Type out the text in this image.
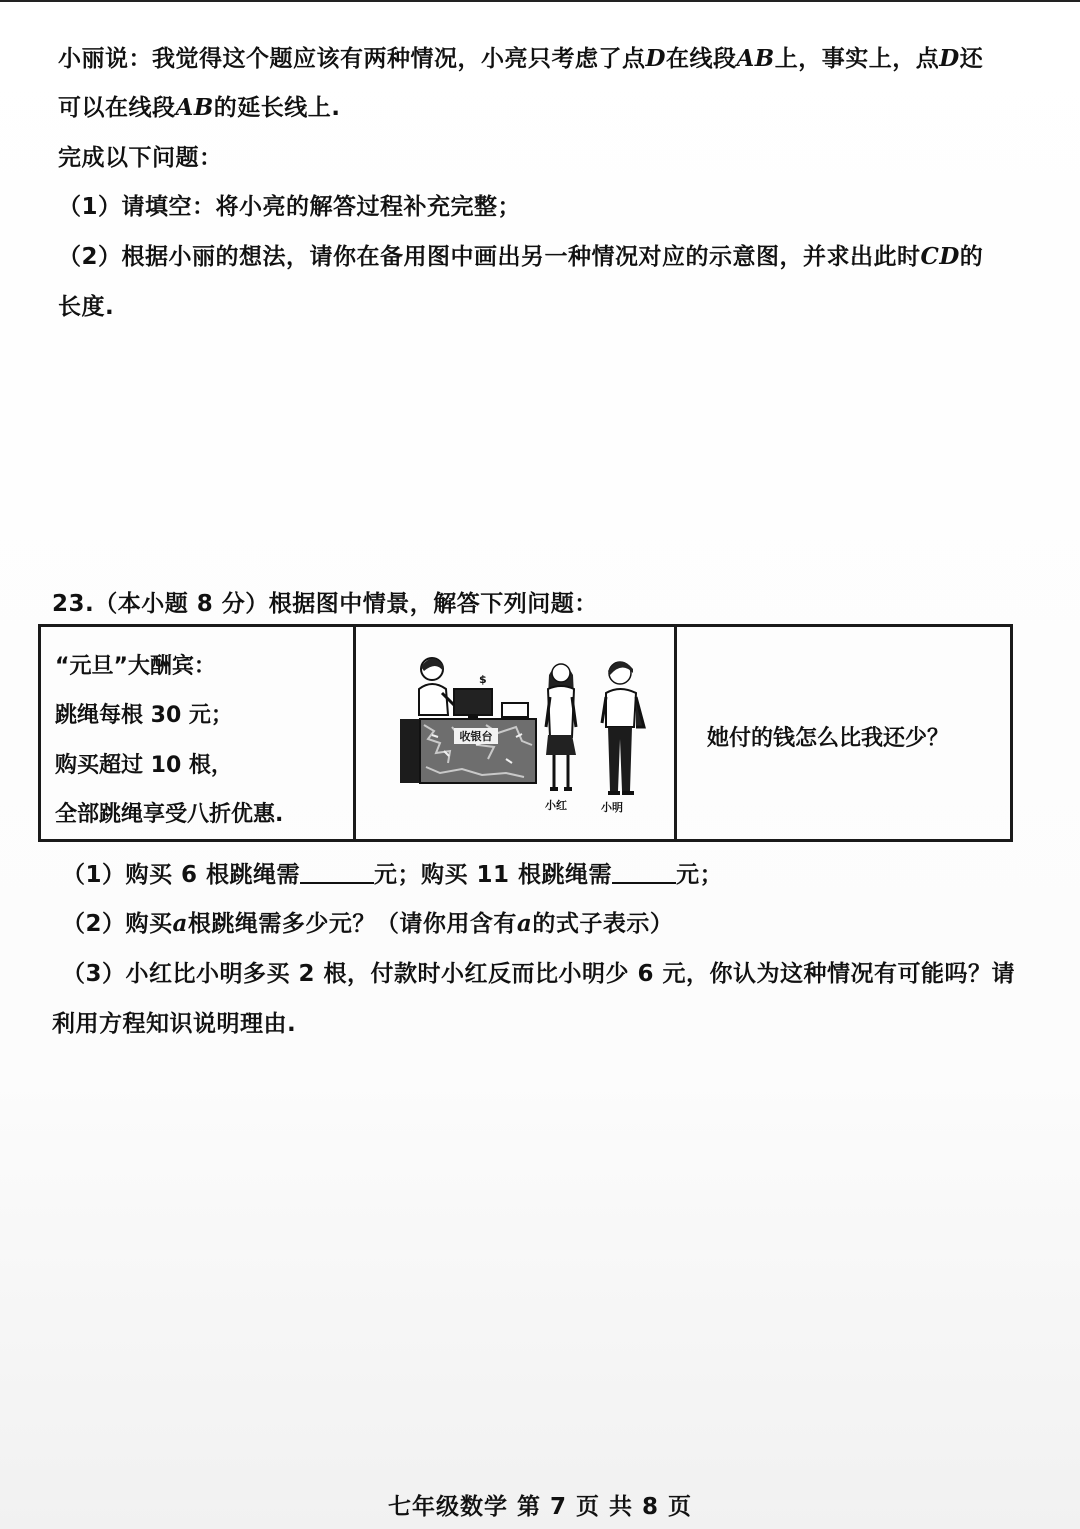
小丽说：我觉得这个题应该有两种情况，小亮只考虑了点D在线段AB上，事实上，点D还
可以在线段AB的延长线上.
完成以下问题：
（1）请填空：将小亮的解答过程补充完整；
（2）根据小丽的想法，请你在备用图中画出另一种情况对应的示意图，并求出此时CD的
长度.
23.（本小题 8 分）根据图中情景，解答下列问题：
“元旦”大酬宾：
跳绳每根 30 元；
购买超过 10 根，
全部跳绳享受八折优惠.

$
收银台
小红	小明

她付的钱怎么比我还少？
（1）购买 6 根跳绳需	元；购买 11 根跳绳需	元；
（2）购买a根跳绳需多少元？（请你用含有a的式子表示）
（3）小红比小明多买 2 根，付款时小红反而比小明少 6 元，你认为这种情况有可能吗？请
利用方程知识说明理由.
七年级数学 第 7 页 共 8 页
